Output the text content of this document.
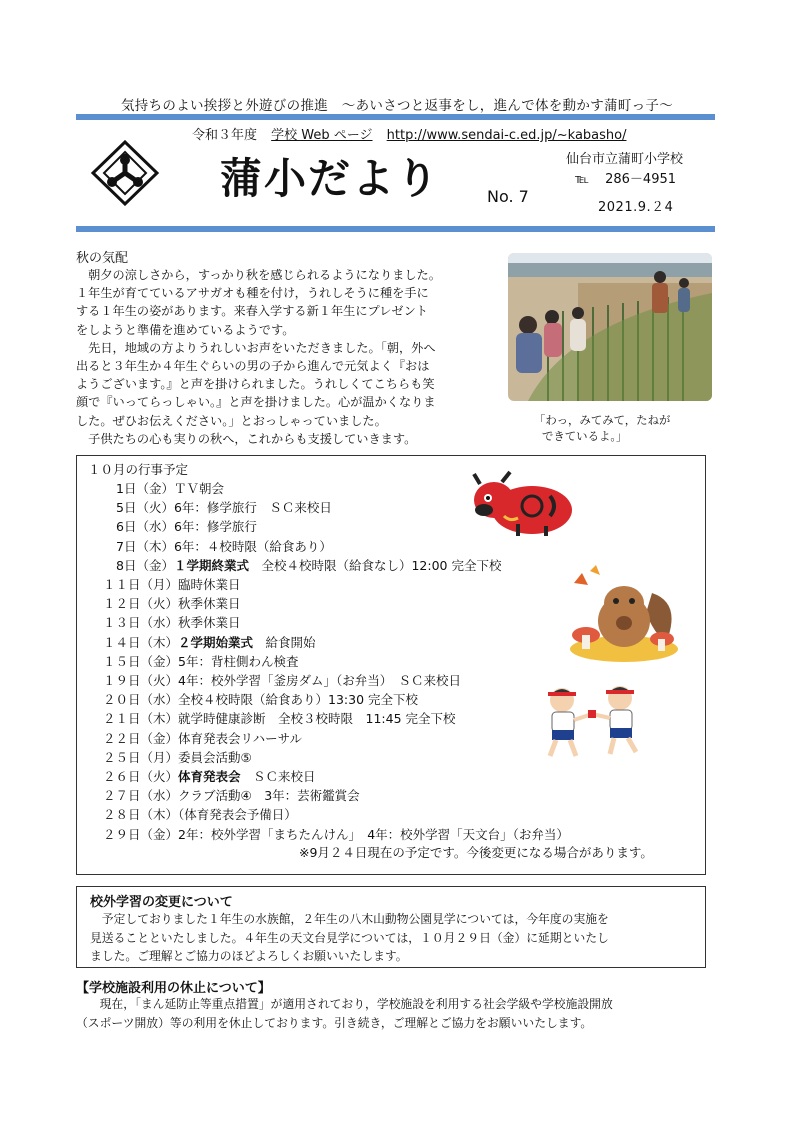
気持ちのよい挨拶と外遊びの推進　～あいさつと返事をし，進んで体を動かす蒲町っ子～
令和３年度 学校 Web ページ http://www.sendai-c.ed.jp/~kabasho/
蒲小だより	No. 7
仙台市立蒲町小学校
℡ 286－4951
2021.9.２4
秋の気配
　朝夕の涼しさから，すっかり秋を感じられるようになりました。
１年生が育てているアサガオも種を付け，うれしそうに種を手に
する１年生の姿があります。来春入学する新１年生にプレゼント
をしようと準備を進めているようです。
　先日，地域の方よりうれしいお声をいただきました。「朝，外へ
出ると３年生か４年生ぐらいの男の子から進んで元気よく『おは
ようございます。』と声を掛けられました。うれしくてこちらも笑
顔で『いってらっしゃい。』と声を掛けました。心が温かくなりま
した。ぜひお伝えください。」とおっしゃっていました。
　子供たちの心も実りの秋へ，これからも支援していきます。
「わっ，みてみて，たねが
できているよ。」
１０月の行事予定
1日（金）ＴＶ朝会
5日（火）6年：修学旅行　ＳＣ来校日
6日（水）6年：修学旅行
7日（木）6年：４校時限（給食あり）
8日（金）１学期終業式　全校４校時限（給食なし）12:00 完全下校
１１日（月）臨時休業日
１２日（火）秋季休業日
１３日（水）秋季休業日
１４日（木）２学期始業式　給食開始
１５日（金）5年：背柱側わん検査
１９日（火）4年：校外学習「釜房ダム」（お弁当）　ＳＣ来校日
２０日（水）全校４校時限（給食あり）13:30 完全下校
２１日（木）就学時健康診断　全校３校時限　11:45 完全下校
２２日（金）体育発表会リハーサル
２５日（月）委員会活動⑤
２６日（火）体育発表会　ＳＣ来校日
２７日（水）クラブ活動④　3年：芸術鑑賞会
２８日（木）（体育発表会予備日）
２９日（金）2年：校外学習「まちたんけん」　4年：校外学習「天文台」（お弁当）
※9月２４日現在の予定です。今後変更になる場合があります。
校外学習の変更について

　予定しておりました１年生の水族館，２年生の八木山動物公園見学については，今年度の実施を

見送ることといたしました。４年生の天文台見学については，１０月２９日（金）に延期といたし

ました。ご理解とご協力のほどよろしくお願いいたします。

【学校施設利用の休止について】

　　現在，「まん延防止等重点措置」が適用されており，学校施設を利用する社会学級や学校施設開放

（スポーツ開放）等の利用を休止しております。引き続き，ご理解とご協力をお願いいたします。
